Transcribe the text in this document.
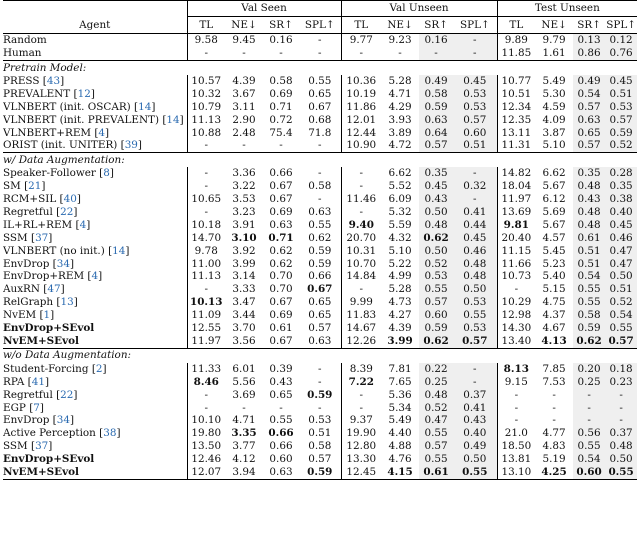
	Val Seen				Val Unseen				Test Unseen			
Agent	TL	NE↓	SR↑	SPL↑	TL	NE↓	SR↑	SPL↑	TL	NE↓	SR↑	SPL↑
Random	9.58	9.45	0.16	-	9.77	9.23	0.16	-	9.89	9.79	0.13	0.12
Human	-	-	-	-	-	-	-	-	11.85	1.61	0.86	0.76
Pretrain Model:												
PRESS [43]	10.57	4.39	0.58	0.55	10.36	5.28	0.49	0.45	10.77	5.49	0.49	0.45
PREVALENT [12]	10.32	3.67	0.69	0.65	10.19	4.71	0.58	0.53	10.51	5.30	0.54	0.51
VLNBERT (init. OSCAR) [14]	10.79	3.11	0.71	0.67	11.86	4.29	0.59	0.53	12.34	4.59	0.57	0.53
VLNBERT (init. PREVALENT) [14]	11.13	2.90	0.72	0.68	12.01	3.93	0.63	0.57	12.35	4.09	0.63	0.57
VLNBERT+REM [4]	10.88	2.48	75.4	71.8	12.44	3.89	0.64	0.60	13.11	3.87	0.65	0.59
ORIST (init. UNITER) [39]	-	-	-	-	10.90	4.72	0.57	0.51	11.31	5.10	0.57	0.52
w/ Data Augmentation:												
Speaker-Follower [8]	-	3.36	0.66	-	-	6.62	0.35	-	14.82	6.62	0.35	0.28
SM [21]	-	3.22	0.67	0.58	-	5.52	0.45	0.32	18.04	5.67	0.48	0.35
RCM+SIL [40]	10.65	3.53	0.67	-	11.46	6.09	0.43	-	11.97	6.12	0.43	0.38
Regretful [22]	-	3.23	0.69	0.63	-	5.32	0.50	0.41	13.69	5.69	0.48	0.40
IL+RL+REM [4]	10.18	3.91	0.63	0.55	9.40	5.59	0.48	0.44	9.81	5.67	0.48	0.45
SSM [37]	14.70	3.10	0.71	0.62	20.70	4.32	0.62	0.45	20.40	4.57	0.61	0.46
VLNBERT (no init.) [14]	9.78	3.92	0.62	0.59	10.31	5.10	0.50	0.46	11.15	5.45	0.51	0.47
EnvDrop [34]	11.00	3.99	0.62	0.59	10.70	5.22	0.52	0.48	11.66	5.23	0.51	0.47
EnvDrop+REM [4]	11.13	3.14	0.70	0.66	14.84	4.99	0.53	0.48	10.73	5.40	0.54	0.50
AuxRN [47]	-	3.33	0.70	0.67	-	5.28	0.55	0.50	-	5.15	0.55	0.51
RelGraph [13]	10.13	3.47	0.67	0.65	9.99	4.73	0.57	0.53	10.29	4.75	0.55	0.52
NvEM [1]	11.09	3.44	0.69	0.65	11.83	4.27	0.60	0.55	12.98	4.37	0.58	0.54
EnvDrop+SEvol	12.55	3.70	0.61	0.57	14.67	4.39	0.59	0.53	14.30	4.67	0.59	0.55
NvEM+SEvol	11.97	3.56	0.67	0.63	12.26	3.99	0.62	0.57	13.40	4.13	0.62	0.57
w/o Data Augmentation:												
Student-Forcing [2]	11.33	6.01	0.39	-	8.39	7.81	0.22	-	8.13	7.85	0.20	0.18
RPA [41]	8.46	5.56	0.43	-	7.22	7.65	0.25	-	9.15	7.53	0.25	0.23
Regretful [22]	-	3.69	0.65	0.59	-	5.36	0.48	0.37	-	-	-	-
EGP [7]	-	-	-	-	-	5.34	0.52	0.41	-	-	-	-
EnvDrop [34]	10.10	4.71	0.55	0.53	9.37	5.49	0.47	0.43	-	-	-	-
Active Perception [38]	19.80	3.35	0.66	0.51	19.90	4.40	0.55	0.40	21.0	4.77	0.56	0.37
SSM [37]	13.50	3.77	0.66	0.58	12.80	4.88	0.57	0.49	18.50	4.83	0.55	0.48
EnvDrop+SEvol	12.46	4.12	0.60	0.57	13.30	4.76	0.55	0.50	13.81	5.19	0.54	0.50
NvEM+SEvol	12.07	3.94	0.63	0.59	12.45	4.15	0.61	0.55	13.10	4.25	0.60	0.55
